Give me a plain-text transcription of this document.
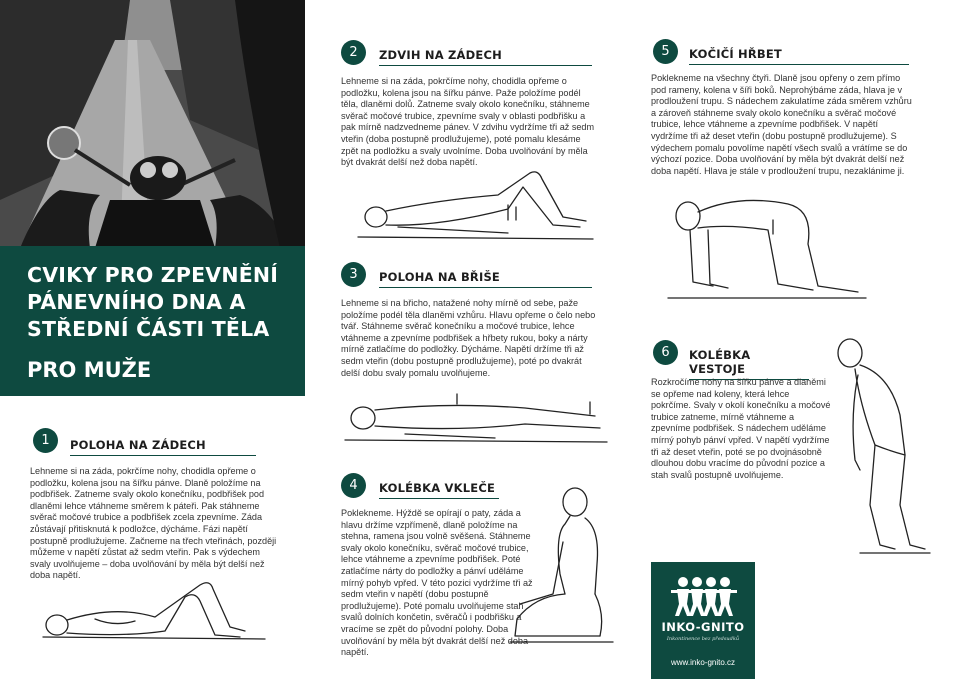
CVIKY PRO ZPEVNĚNÍ PÁNEVNÍHO DNA A STŘEDNÍ ČÁSTI TĚLA
PRO MUŽE
1	POLOHA NA ZÁDECH
Lehneme si na záda, pokrčíme nohy, chodidla opřeme o podložku, kolena jsou na šířku pánve. Dlaně položíme na podbřišek. Zatneme svaly okolo konečníku, podbřišek pod dlaněmi lehce vtáhneme směrem k páteři. Pak stáhneme svěrač močové trubice a podbřišek zcela zpevníme. Záda zůstávají přitisknutá k podložce, dýcháme. Fázi napětí postupně prodlužujeme. Začneme na třech vteřinách, později můžeme v napětí zůstat až sedm vteřin. Pak s výdechem svaly uvolňujeme – doba uvolňování by měla být delší než doba napětí.
2	ZDVIH NA ZÁDECH
Lehneme si na záda, pokrčíme nohy, chodidla opřeme o podložku, kolena jsou na šířku pánve. Paže položíme podél těla, dlaněmi dolů. Zatneme svaly okolo konečníku, stáhneme svěrač močové trubice, zpevníme svaly v oblasti podbřišku a pak mírně nadzvedneme pánev. V zdvihu vydržíme tři až sedm vteřin (doba postupně prodlužujeme), poté pomalu klesáme zpět na podložku a svaly uvolníme. Doba uvolňování by měla být dvakrát delší než doba napětí.
3	POLOHA NA BŘIŠE
Lehneme si na břicho, natažené nohy mírně od sebe, paže položíme podél těla dlaněmi vzhůru. Hlavu opřeme o čelo nebo tvář. Stáhneme svěrač konečníku a močové trubice, lehce vtáhneme a zpevníme podbřišek a hřbety rukou, boky a nárty mírně zatlačíme do podložky. Dýcháme. Napětí držíme tři až sedm vteřin (dobu postupně prodlužujeme), poté po dvakrát delší dobu svaly pomalu uvolňujeme.
4	KOLÉBKA VKLEČE
Poklekneme. Hýždě se opírají o paty, záda a hlavu držíme vzpřímeně, dlaně položíme na stehna, ramena jsou volně svěšená. Stáhneme svaly okolo konečníku, svěrač močové trubice, lehce vtáhneme a zpevníme podbřišek. Poté zatlačíme nárty do podložky a pánví uděláme mírný pohyb vpřed. V této pozici vydržíme tři až sedm vteřin v napětí (dobu postupně prodlužujeme). Poté pomalu uvolňujeme stah svalů dolních končetin, svěračů i podbřišku a vracíme se zpět do původní polohy. Doba uvolňování by měla být dvakrát delší než doba napětí.
5	KOČIČÍ HŘBET
Poklekneme na všechny čtyři. Dlaně jsou opřeny o zem přímo pod rameny, kolena v šíři boků. Neprohýbáme záda, hlava je v prodloužení trupu. S nádechem zakulatíme záda směrem vzhůru a zároveň stáhneme svaly okolo konečníku a svěrač močové trubice, lehce vtáhneme a zpevníme podbřišek. V napětí vydržíme tři až deset vteřin (dobu postupně prodlužujeme). S výdechem pomalu povolíme napětí všech svalů a vrátíme se do výchozí pozice. Doba uvolňování by měla být dvakrát delší než doba napětí. Hlava je stále v prodloužení trupu, nezaklánime ji.
6	KOLÉBKA VESTOJE
Rozkročíme nohy na šířku pánve a dlaněmi se opřeme nad koleny, která lehce pokrčíme. Svaly v okolí konečníku a močové trubice zatneme, mírně vtáhneme a zpevníme podbřišek. S nádechem uděláme mírný pohyb pánví vpřed. V napětí vydržíme tři až deset vteřin, poté se po dvojnásobně dlouhou dobu vracíme do původní pozice a stah svalů postupně uvolňujeme.
INKO-GNITO
Inkontinence bez předsudků
www.inko-gnito.cz
